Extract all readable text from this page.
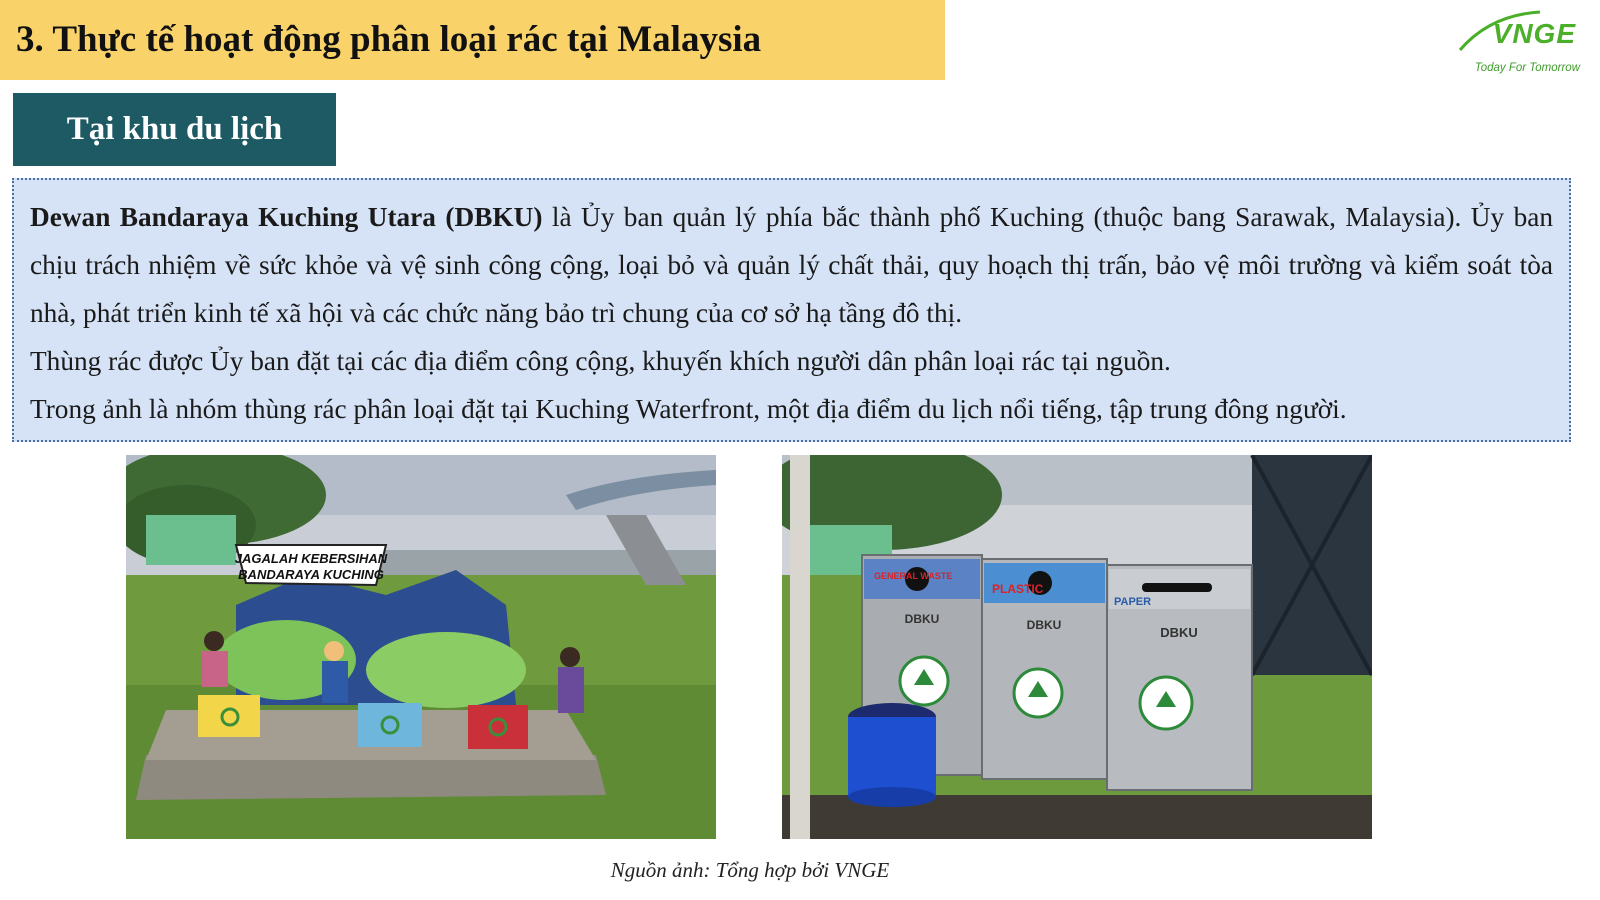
3. Thực tế hoạt động phân loại rác tại Malaysia	VNGE
Today For Tomorrow
Tại khu du lịch

Dewan Bandaraya Kuching Utara (DBKU) là Ủy ban quản lý phía bắc thành phố Kuching (thuộc bang Sarawak, Malaysia). Ủy ban chịu trách nhiệm về sức khỏe và vệ sinh công cộng, loại bỏ và quản lý chất thải, quy hoạch thị trấn, bảo vệ môi trường và kiểm soát tòa nhà, phát triển kinh tế xã hội và các chức năng bảo trì chung của cơ sở hạ tầng đô thị.

Thùng rác được Ủy ban đặt tại các địa điểm công cộng, khuyến khích người dân phân loại rác tại nguồn.

Trong ảnh là nhóm thùng rác phân loại đặt tại Kuching Waterfront, một địa điểm du lịch nổi tiếng, tập trung đông người.

JAGALAH KEBERSIHAN
BANDARAYA KUCHING	GENERAL WASTE
PLASTIC
PAPER
DBKU	DBKU	DBKU
Nguồn ảnh: Tổng hợp bởi VNGE
